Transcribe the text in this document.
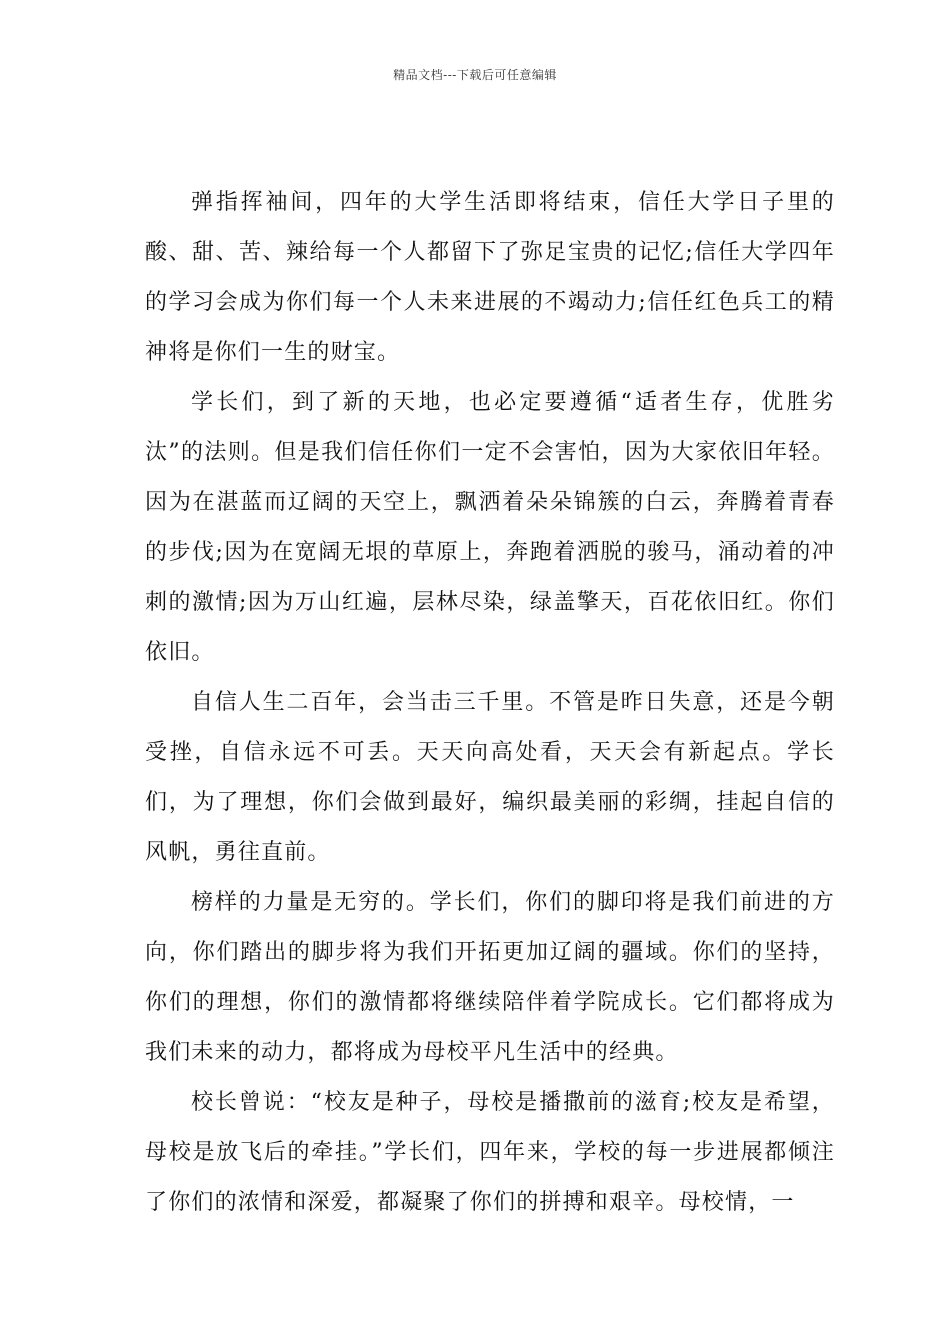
精品文档---下载后可任意编辑

弹指挥袖间，四年的大学生活即将结束，信任大学日子里的酸、甜、苦、辣给每一个人都留下了弥足宝贵的记忆;信任大学四年的学习会成为你们每一个人未来进展的不竭动力;信任红色兵工的精神将是你们一生的财宝。

学长们，到了新的天地，也必定要遵循“适者生存，优胜劣汰”的法则。但是我们信任你们一定不会害怕，因为大家依旧年轻。因为在湛蓝而辽阔的天空上，飘洒着朵朵锦簇的白云，奔腾着青春的步伐;因为在宽阔无垠的草原上，奔跑着洒脱的骏马，涌动着的冲刺的激情;因为万山红遍，层林尽染，绿盖擎天，百花依旧红。你们依旧。

自信人生二百年，会当击三千里。不管是昨日失意，还是今朝受挫，自信永远不可丢。天天向高处看，天天会有新起点。学长们，为了理想，你们会做到最好，编织最美丽的彩绸，挂起自信的风帆，勇往直前。

榜样的力量是无穷的。学长们，你们的脚印将是我们前进的方向，你们踏出的脚步将为我们开拓更加辽阔的疆域。你们的坚持，你们的理想，你们的激情都将继续陪伴着学院成长。它们都将成为我们未来的动力，都将成为母校平凡生活中的经典。

校长曾说：“校友是种子，母校是播撒前的滋育;校友是希望，母校是放飞后的牵挂。”学长们，四年来，学校的每一步进展都倾注了你们的浓情和深爱，都凝聚了你们的拼搏和艰辛。母校情，一
